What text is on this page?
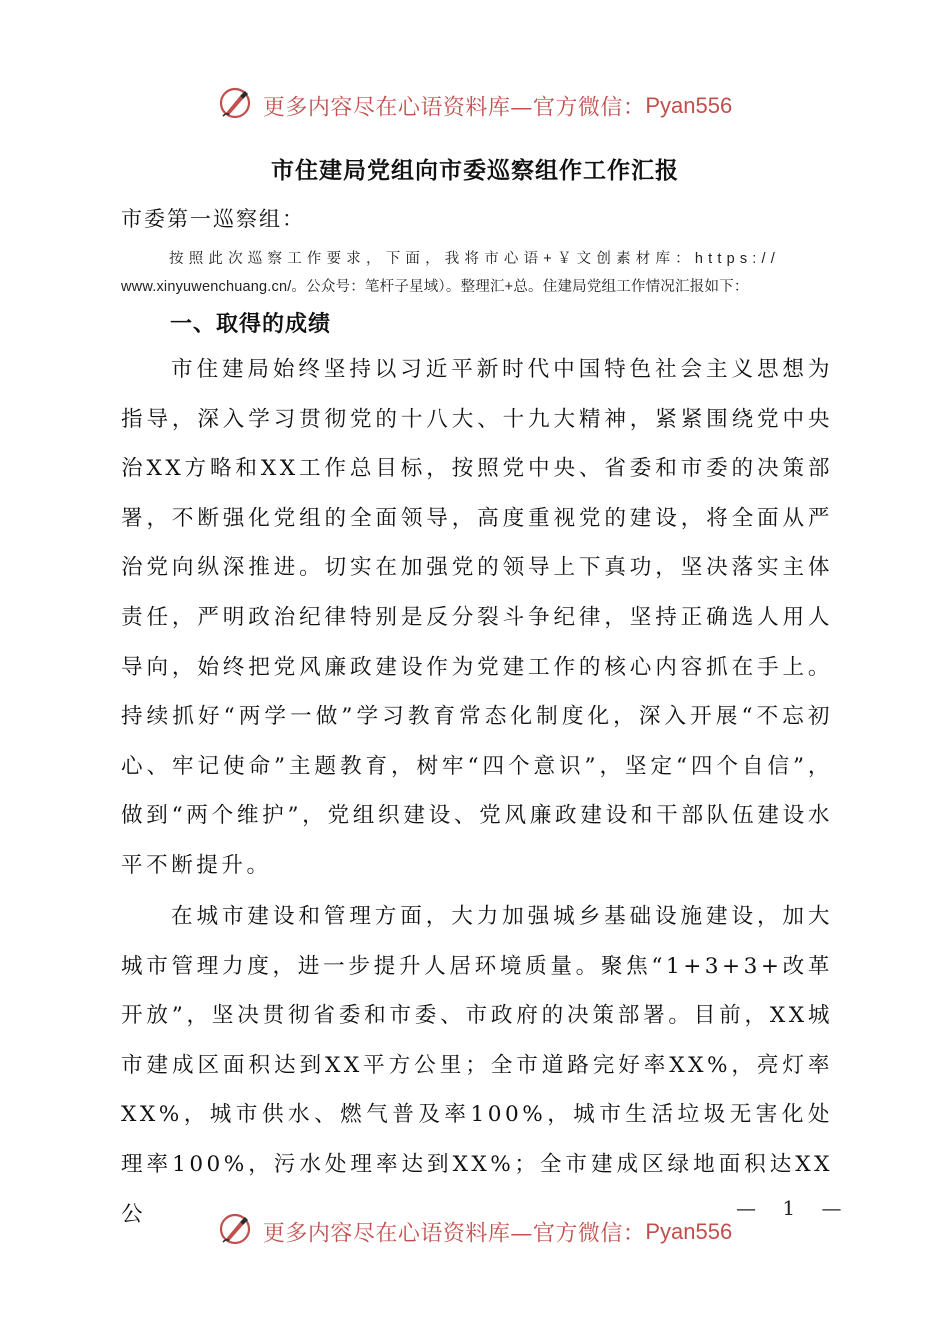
更多内容尽在心语资料库—官方微信：Pyan556
市住建局党组向市委巡察组作工作汇报
市委第一巡察组：
按照此次巡察工作要求，下面，我将市心语+￥文创素材库：https://
www.xinyuwenchuang.cn/。公众号：笔杆子星域）。整理汇+总。住建局党组工作情况汇报如下：
一、取得的成绩

市住建局始终坚持以习近平新时代中国特色社会主义思想为指导，深入学习贯彻党的十八大、十九大精神，紧紧围绕党中央治XX方略和XX工作总目标，按照党中央、省委和市委的决策部署，不断强化党组的全面领导，高度重视党的建设，将全面从严治党向纵深推进。切实在加强党的领导上下真功，坚决落实主体责任，严明政治纪律特别是反分裂斗争纪律，坚持正确选人用人导向，始终把党风廉政建设作为党建工作的核心内容抓在手上。持续抓好“两学一做”学习教育常态化制度化，深入开展“不忘初心、牢记使命”主题教育，树牢“四个意识”，坚定“四个自信”，做到“两个维护”，党组织建设、党风廉政建设和干部队伍建设水平不断提升。

在城市建设和管理方面，大力加强城乡基础设施建设，加大城市管理力度，进一步提升人居环境质量。聚焦“1+3+3+改革开放”，坚决贯彻省委和市委、市政府的决策部署。目前，XX城市建成区面积达到XX平方公里；全市道路完好率XX%，亮灯率XX%，城市供水、燃气普及率100%，城市生活垃圾无害化处理率100%，污水处理率达到XX%；全市建成区绿地面积达XX公	— 1 —
更多内容尽在心语资料库—官方微信：Pyan556
